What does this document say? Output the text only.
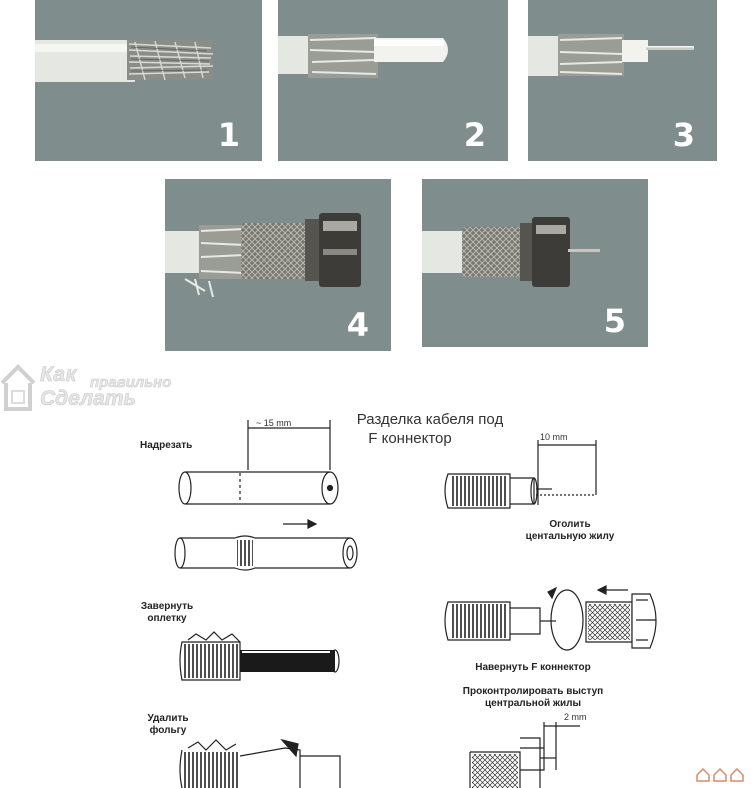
1	2	3
4	5
Как правильно
Сделать
Разделка кабеля под
F коннектор
~ 15 mm
10 mm
2 mm
Надрезать
Завернуть
оплетку
Удалить
фольгу
Оголить
центальную жилу
Навернуть F коннектор
Проконтролировать выступ
центральной жилы
